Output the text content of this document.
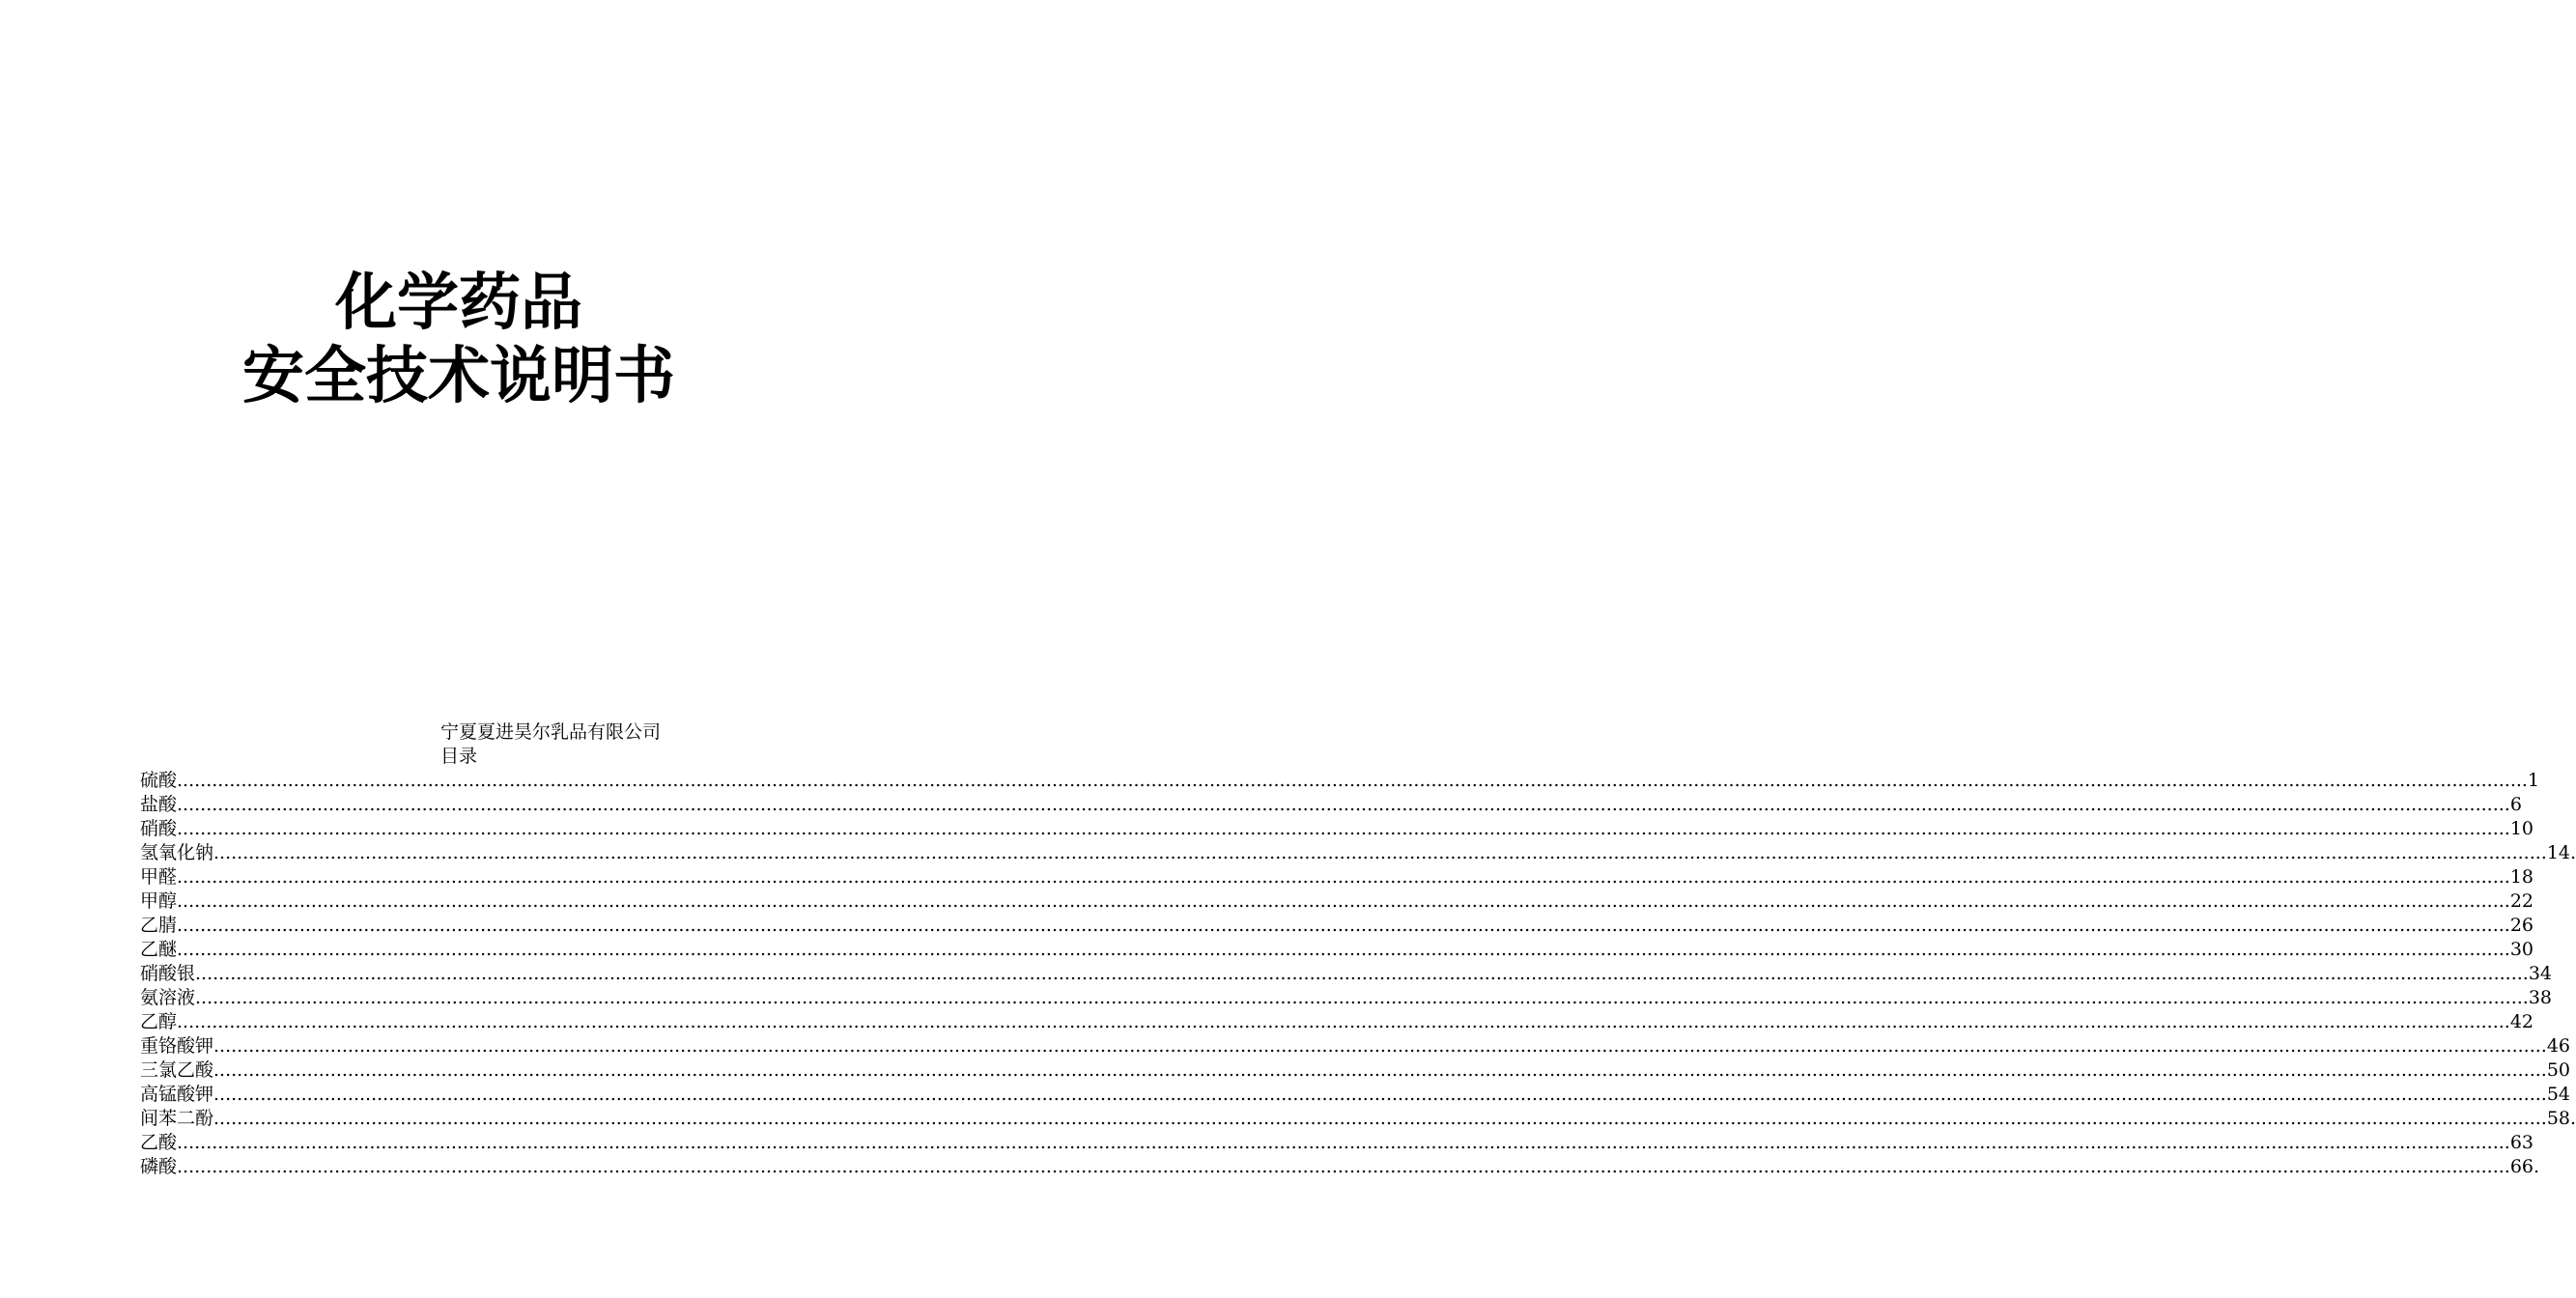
化学药品
安全技术说明书
宁夏夏进昊尔乳品有限公司
目录
硫酸 ................................................................................................................................................................................................................................................................................................................................................................................................................ ...1
盐酸 ................................................................................................................................................................................................................................................................................................................................................................................................................ 6
硝酸 ................................................................................................................................................................................................................................................................................................................................................................................................................ 10
氢氧化钠 ................................................................................................................................................................................................................................................................................................................................................................................................................ 14.
甲醛 ................................................................................................................................................................................................................................................................................................................................................................................................................ 18
甲醇 ................................................................................................................................................................................................................................................................................................................................................................................................................ 22
乙腈 ................................................................................................................................................................................................................................................................................................................................................................................................................ 26
乙醚 ................................................................................................................................................................................................................................................................................................................................................................................................................ 30
硝酸银 ................................................................................................................................................................................................................................................................................................................................................................................................................ 34
氨溶液 ................................................................................................................................................................................................................................................................................................................................................................................................................ 38
乙醇 ................................................................................................................................................................................................................................................................................................................................................................................................................ 42
重铬酸钾 ................................................................................................................................................................................................................................................................................................................................................................................................................ 46
三氯乙酸 ................................................................................................................................................................................................................................................................................................................................................................................................................ 50
高锰酸钾 ................................................................................................................................................................................................................................................................................................................................................................................................................ 54
间苯二酚 ................................................................................................................................................................................................................................................................................................................................................................................................................ 58.
乙酸 ................................................................................................................................................................................................................................................................................................................................................................................................................ 63
磷酸 ................................................................................................................................................................................................................................................................................................................................................................................................................ 66.
